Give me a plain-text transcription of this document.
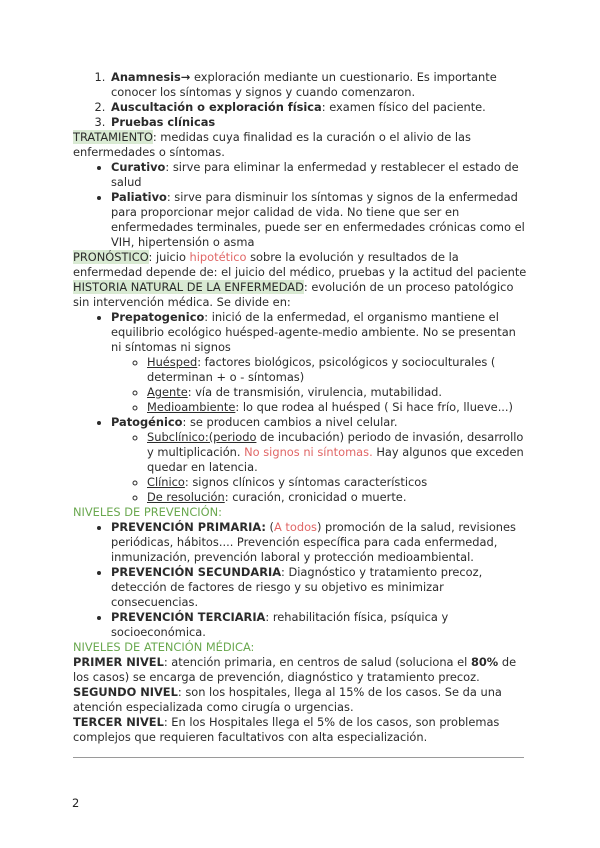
1. Anamnesis→ exploración mediante un cuestionario. Es importante conocer los síntomas y signos y cuando comenzaron.
2. Auscultación o exploración física: examen físico del paciente.
3. Pruebas clínicas

TRATAMIENTO: medidas cuya finalidad es la curación o el alivio de las enfermedades o síntomas.

• Curativo: sirve para eliminar la enfermedad y restablecer el estado de salud
• Paliativo: sirve para disminuir los síntomas y signos de la enfermedad para proporcionar mejor calidad de vida. No tiene que ser en enfermedades terminales, puede ser en enfermedades crónicas como el VIH, hipertensión o asma

PRONÓSTICO: juicio hipotético sobre la evolución y resultados de la enfermedad depende de: el juicio del médico, pruebas y la actitud del paciente

HISTORIA NATURAL DE LA ENFERMEDAD: evolución de un proceso patológico sin intervención médica. Se divide en:

• Prepatogenico: inició de la enfermedad, el organismo mantiene el equilibrio ecológico huésped-agente-medio ambiente. No se presentan ni síntomas ni signos
◦ Huésped: factores biológicos, psicológicos y socioculturales ( determinan + o - síntomas)
◦ Agente: vía de transmisión, virulencia, mutabilidad.
◦ Medioambiente: lo que rodea al huésped ( Si hace frío, llueve...)
• Patogénico: se producen cambios a nivel celular.
◦ Subclínico:(periodo de incubación) periodo de invasión, desarrollo y multiplicación. No signos ni síntomas. Hay algunos que exceden quedar en latencia.
◦ Clínico: signos clínicos y síntomas característicos
◦ De resolución: curación, cronicidad o muerte.

NIVELES DE PREVENCIÓN:

• PREVENCIÓN PRIMARIA: (A todos) promoción de la salud, revisiones periódicas, hábitos.... Prevención específica para cada enfermedad, inmunización, prevención laboral y protección medioambiental.
• PREVENCIÓN SECUNDARIA: Diagnóstico y tratamiento precoz, detección de factores de riesgo y su objetivo es minimizar consecuencias.
• PREVENCIÓN TERCIARIA: rehabilitación física, psíquica y socioeconómica.

NIVELES DE ATENCIÓN MÉDICA:

PRIMER NIVEL: atención primaria, en centros de salud (soluciona el 80% de los casos) se encarga de prevención, diagnóstico y tratamiento precoz.

SEGUNDO NIVEL: son los hospitales, llega al 15% de los casos. Se da una atención especializada como cirugía o urgencias.

TERCER NIVEL: En los Hospitales llega el 5% de los casos, son problemas complejos que requieren facultativos con alta especialización.

2
